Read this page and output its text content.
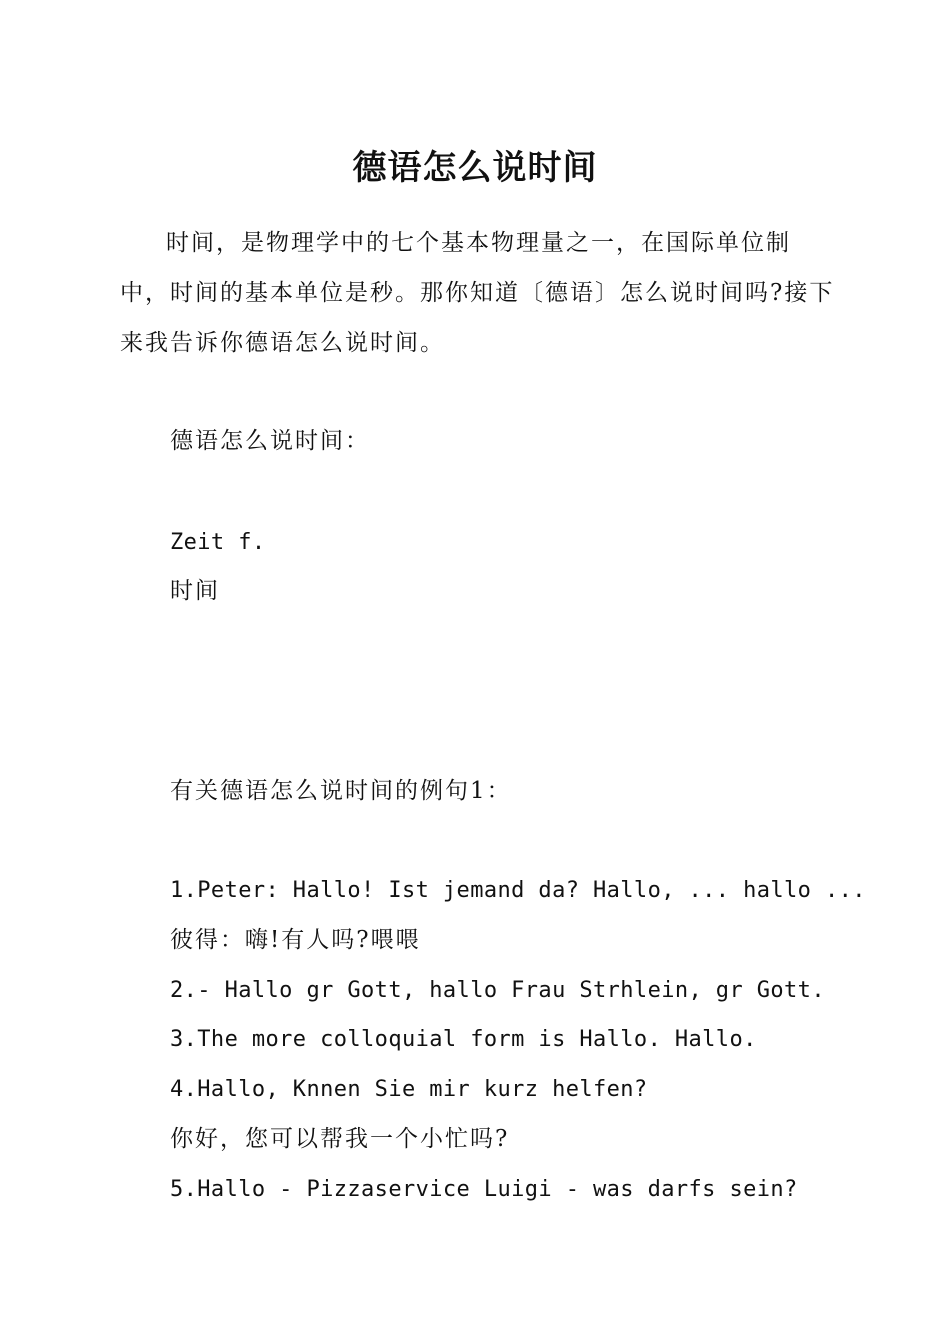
德语怎么说时间
时间，是物理学中的七个基本物理量之一，在国际单位制中，时间的基本单位是秒。那你知道〔德语〕怎么说时间吗?接下来我告诉你德语怎么说时间。
德语怎么说时间：
Zeit f.
时间
有关德语怎么说时间的例句1：
1.Peter: Hallo! Ist jemand da? Hallo, ... hallo ...
彼得：嗨!有人吗?喂喂
2.- Hallo gr Gott, hallo Frau Strhlein, gr Gott.
3.The more colloquial form is Hallo. Hallo.
4.Hallo, Knnen Sie mir kurz helfen?
你好，您可以帮我一个小忙吗?
5.Hallo - Pizzaservice Luigi - was darfs sein?
